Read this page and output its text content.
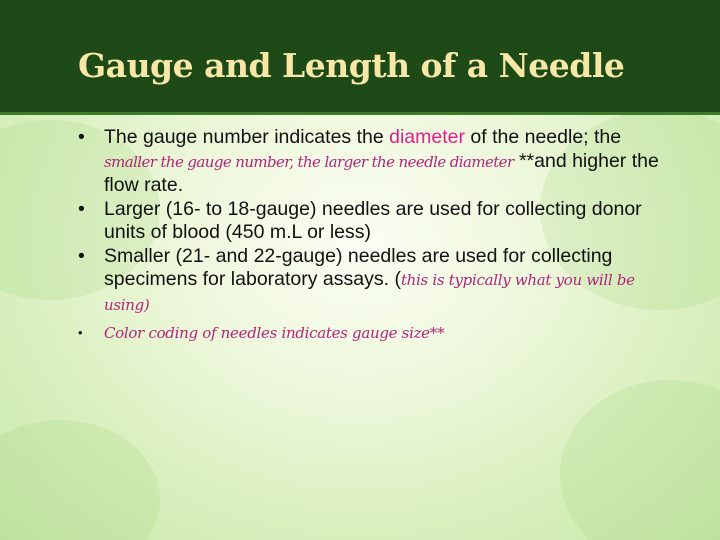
Gauge and Length of a Needle
• The gauge number indicates the diameter of the needle; the smaller the gauge number, the larger the needle diameter **and higher the flow rate.
• Larger (16- to 18-gauge) needles are used for collecting donor units of blood (450 m.L or less)
• Smaller (21- and 22-gauge) needles are used for collecting specimens for laboratory assays. (this is typically what you will be using)
• Color coding of needles indicates gauge size**
